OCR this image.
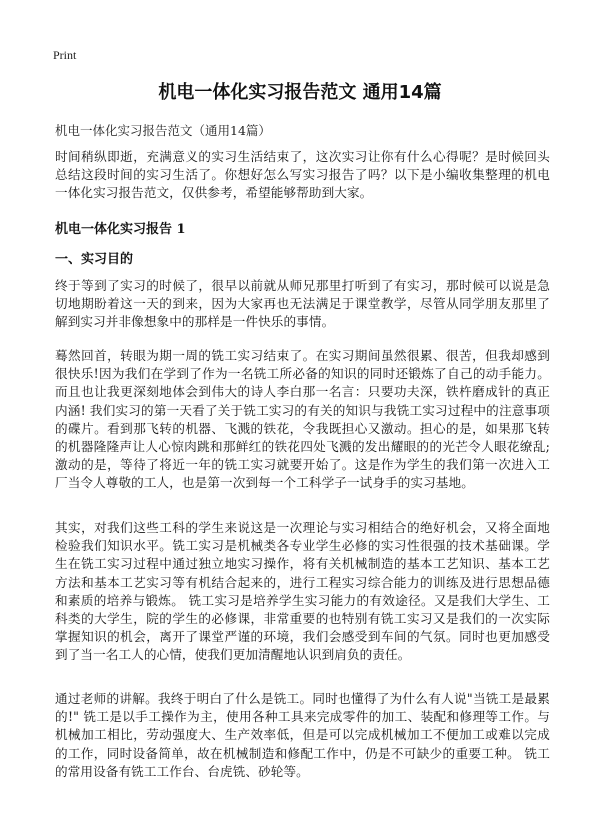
Print
机电一体化实习报告范文 通用14篇
机电一体化实习报告范文（通用14篇）
时间稍纵即逝，充满意义的实习生活结束了，这次实习让你有什么心得呢？是时候回头总结这段时间的实习生活了。你想好怎么写实习报告了吗？以下是小编收集整理的机电一体化实习报告范文，仅供参考，希望能够帮助到大家。
机电一体化实习报告 1
一、实习目的
终于等到了实习的时候了，很早以前就从师兄那里打听到了有实习，那时候可以说是急切地期盼着这一天的到来，因为大家再也无法满足于课堂教学，尽管从同学朋友那里了解到实习并非像想象中的那样是一件快乐的事情。
蓦然回首，转眼为期一周的铣工实习结束了。在实习期间虽然很累、很苦，但我却感到很快乐!因为我们在学到了作为一名铣工所必备的知识的同时还锻炼了自己的动手能力。而且也让我更深刻地体会到伟大的诗人李白那一名言：只要功夫深，铁杵磨成针的真正内涵! 我们实习的第一天看了关于铣工实习的有关的知识与我铣工实习过程中的注意事项的碟片。看到那飞转的机器、飞溅的铁花，令我既担心又激动。担心的是，如果那飞转的机器隆隆声让人心惊肉跳和那鲜红的铁花四处飞溅的发出耀眼的的光芒令人眼花缭乱;激动的是，等待了将近一年的铣工实习就要开始了。这是作为学生的我们第一次进入工厂当令人尊敬的工人，也是第一次到每一个工科学子一试身手的实习基地。
其实，对我们这些工科的学生来说这是一次理论与实习相结合的绝好机会，又将全面地检验我们知识水平。铣工实习是机械类各专业学生必修的实习性很强的技术基础课。学生在铣工实习过程中通过独立地实习操作，将有关机械制造的基本工艺知识、基本工艺方法和基本工艺实习等有机结合起来的，进行工程实习综合能力的训练及进行思想品德和素质的培养与锻炼。 铣工实习是培养学生实习能力的有效途径。又是我们大学生、工科类的大学生，院的学生的必修课，非常重要的也特别有铣工实习又是我们的一次实际掌握知识的机会，离开了课堂严谨的环境，我们会感受到车间的气氛。同时也更加感受到了当一名工人的心情，使我们更加清醒地认识到肩负的责任。
通过老师的讲解。我终于明白了什么是铣工。同时也懂得了为什么有人说"当铣工是最累的!" 铣工是以手工操作为主，使用各种工具来完成零件的加工、装配和修理等工作。与机械加工相比，劳动强度大、生产效率低，但是可以完成机械加工不便加工或难以完成的工作，同时设备简单，故在机械制造和修配工作中，仍是不可缺少的重要工种。 铣工的常用设备有铣工工作台、台虎铣、砂轮等。
